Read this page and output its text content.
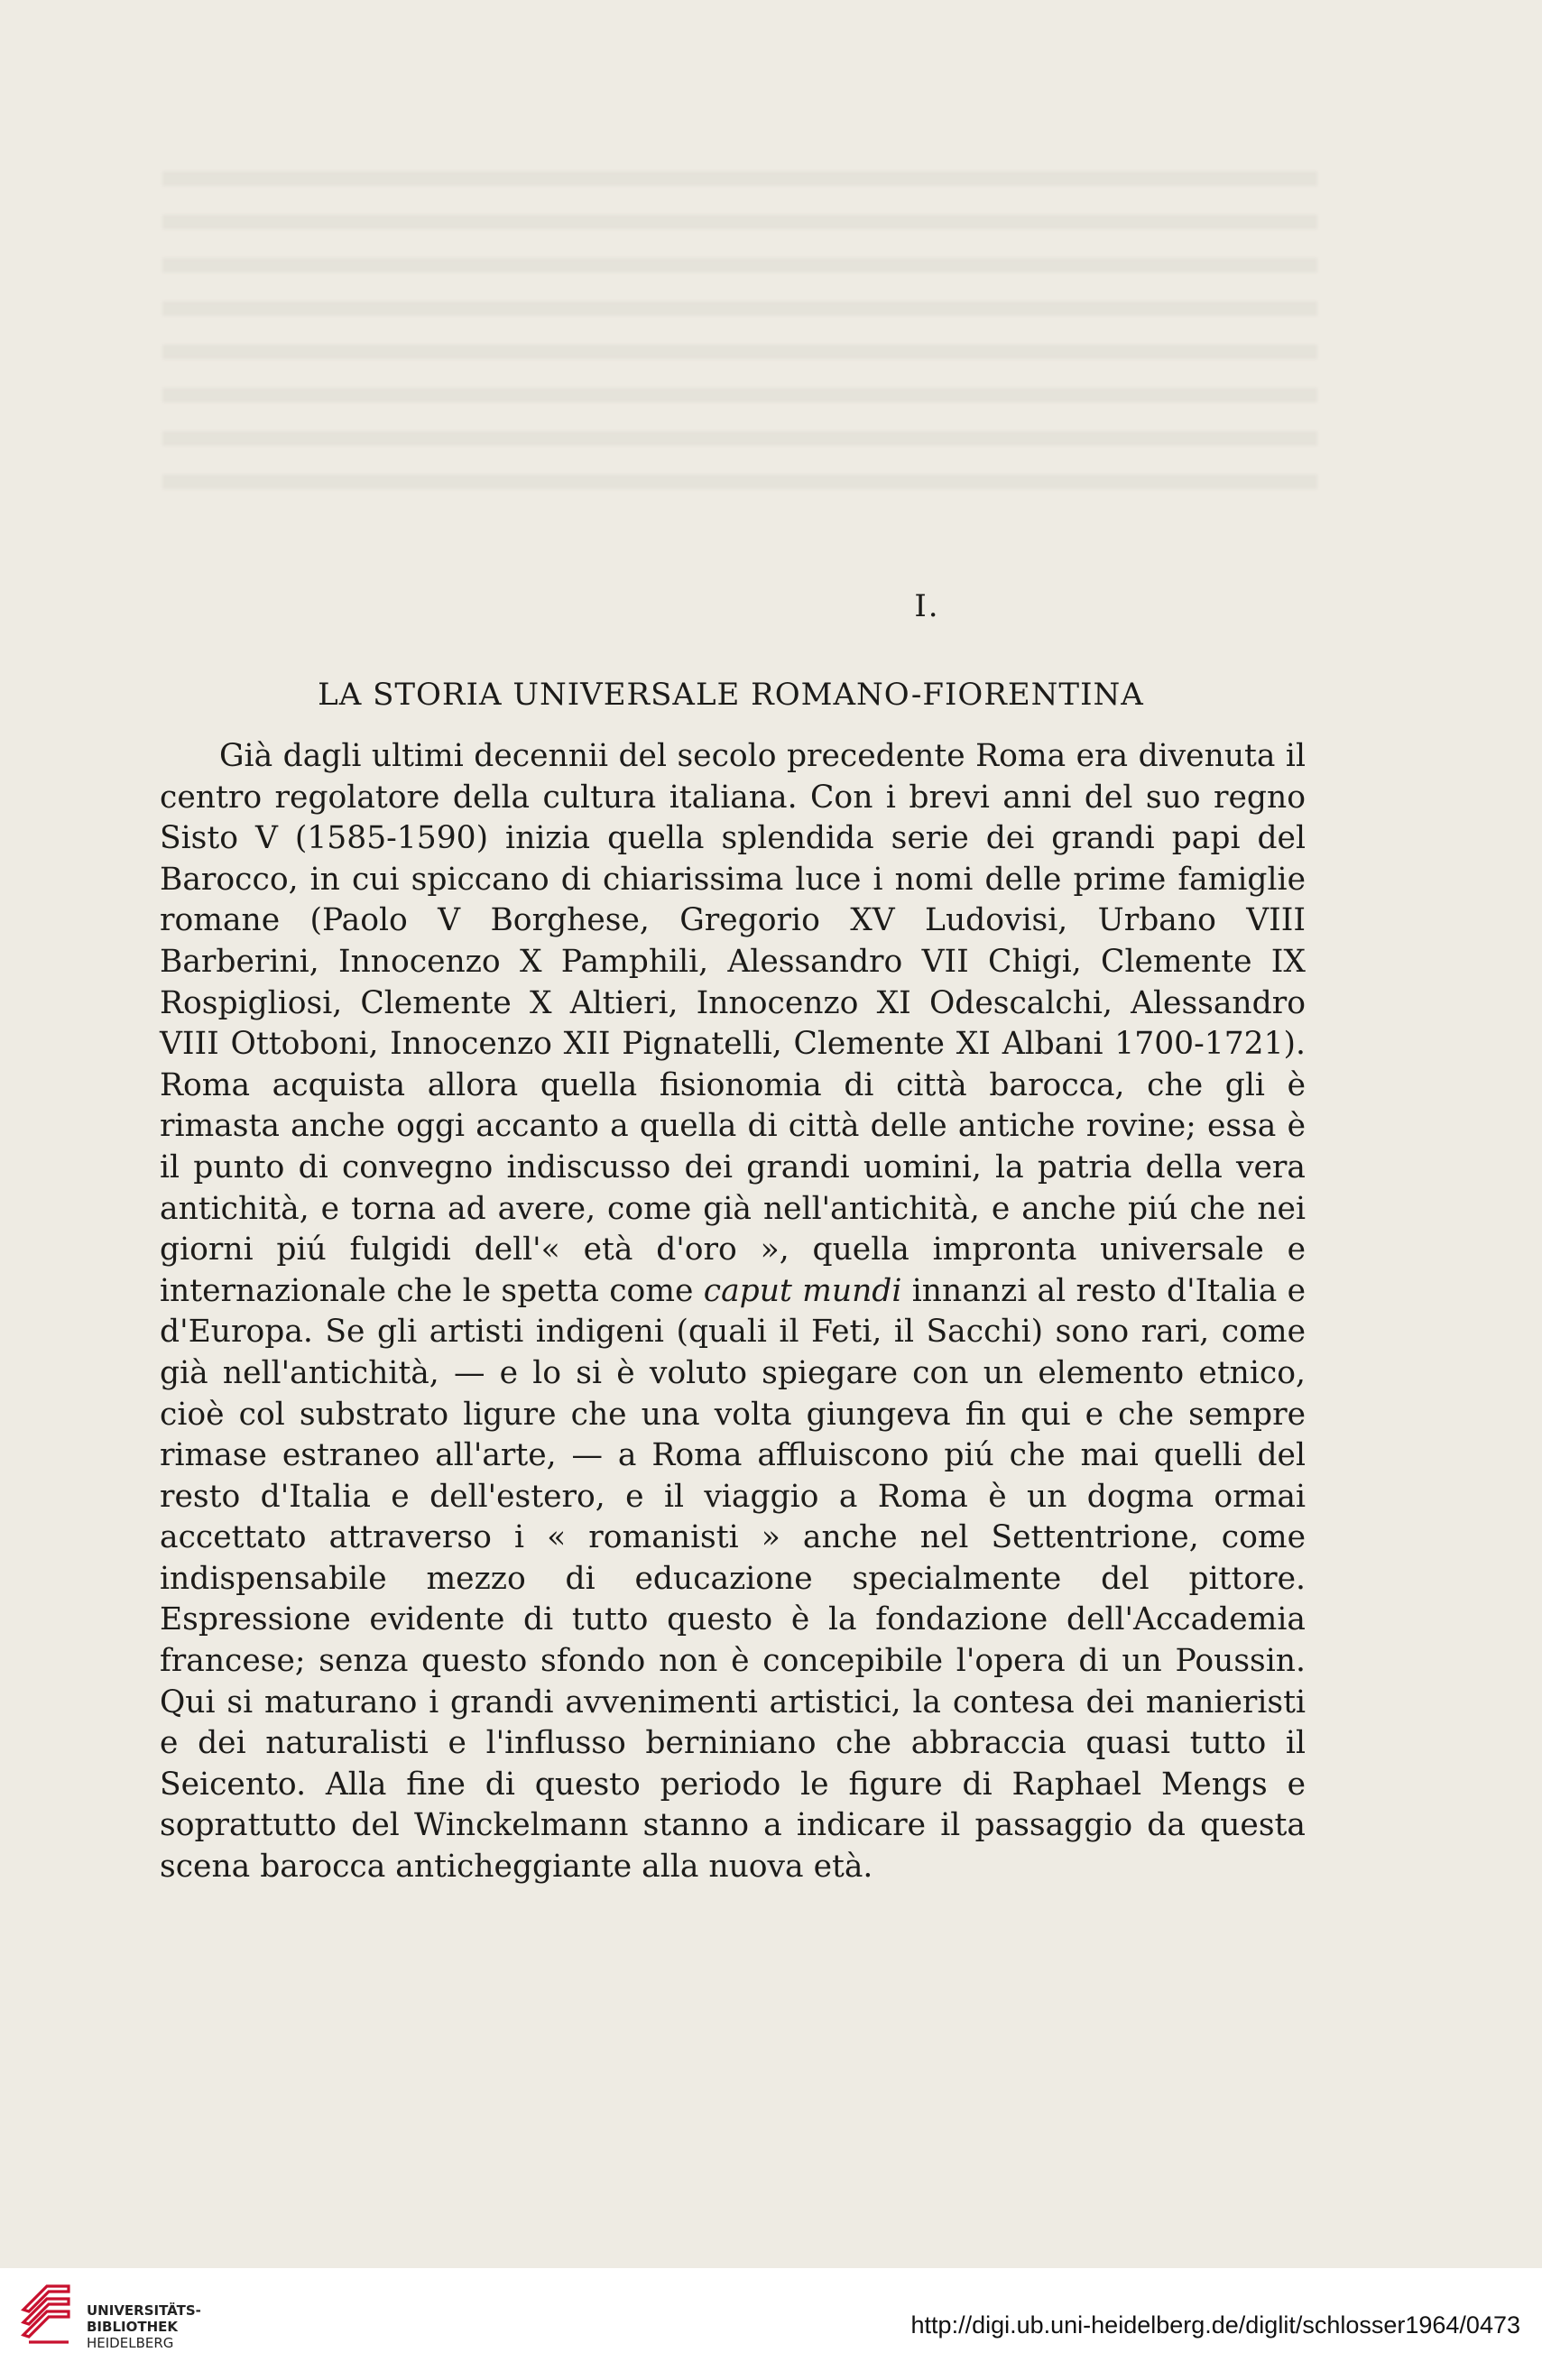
I.
LA STORIA UNIVERSALE ROMANO-FIORENTINA

Già dagli ultimi decennii del secolo precedente Roma era divenuta il centro regolatore della cultura italiana. Con i brevi anni del suo regno Sisto V (1585-1590) inizia quella splendida serie dei grandi papi del Barocco, in cui spiccano di chiarissima luce i nomi delle prime famiglie romane (Paolo V Borghese, Gregorio XV Ludovisi, Urbano VIII Barberini, Innocenzo X Pamphili, Alessandro VII Chigi, Clemente IX Rospigliosi, Clemente X Altieri, Innocenzo XI Odescalchi, Alessandro VIII Ottoboni, Innocenzo XII Pignatelli, Clemente XI Albani 1700-1721). Roma acquista allora quella fisionomia di città barocca, che gli è rimasta anche oggi accanto a quella di città delle antiche rovine; essa è il punto di convegno indiscusso dei grandi uomini, la patria della vera antichità, e torna ad avere, come già nell'antichità, e anche piú che nei giorni piú fulgidi dell'« età d'oro », quella impronta universale e internazionale che le spetta come caput mundi innanzi al resto d'Italia e d'Europa. Se gli artisti indigeni (quali il Feti, il Sacchi) sono rari, come già nell'antichità, — e lo si è voluto spiegare con un elemento etnico, cioè col substrato ligure che una volta giungeva fin qui e che sempre rimase estraneo all'arte, — a Roma affluiscono piú che mai quelli del resto d'Italia e dell'estero, e il viaggio a Roma è un dogma ormai accettato attraverso i « romanisti » anche nel Settentrione, come indispensabile mezzo di educazione specialmente del pittore. Espressione evidente di tutto questo è la fondazione dell'Accademia francese; senza questo sfondo non è concepibile l'opera di un Poussin. Qui si maturano i grandi avvenimenti artistici, la contesa dei manieristi e dei naturalisti e l'influsso berniniano che abbraccia quasi tutto il Seicento. Alla fine di questo periodo le figure di Raphael Mengs e soprattutto del Winckelmann stanno a indicare il passaggio da questa scena barocca anticheggiante alla nuova età.

UNIVERSITÄTS-
BIBLIOTHEK
HEIDELBERG
http://digi.ub.uni-heidelberg.de/diglit/schlosser1964/0473
